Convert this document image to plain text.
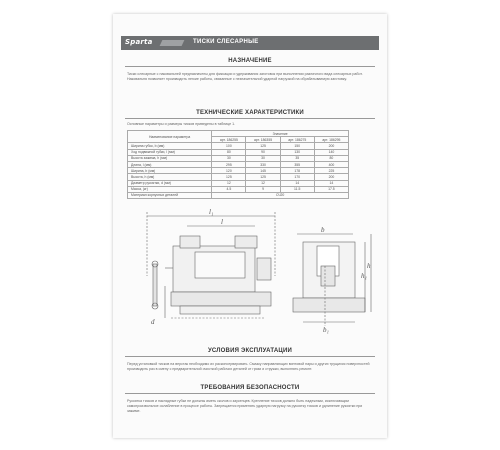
Sparta	ТИСКИ СЛЕСАРНЫЕ
НАЗНАЧЕНИЕ
Тиски слесарные с наковальней предназначены для фиксации и удерживания заготовок при выполнении различного вида слесарных работ. Наковальня позволяет производить легкие работы, связанные с незначительной ударной нагрузкой на обрабатываемую заготовку.
ТЕХНИЧЕСКИЕ ХАРАКТЕРИСТИКИ
Основные параметры и размеры тисков приведены в таблице 1.
Наименование параметра	Значение			
	арт. 186255	арт. 186355	арт. 186275	арт. 186295
Ширина губок, b (мм)	100	125	150	200
Ход подвижной губки, l (мм)	80	90	130	140
Высота зажима, h (мм)	30	30	35	80
Длина, l (мм)	295	330	355	400
Ширина, b (мм)	120	145	178	225
Высота, h (мм)	125	125	170	200
Диаметр рукоятки, d (мм)	12	12	14	14
Масса, (кг)	4.5	9	11.5	17.5
Материал корпусных деталей	СЧ20			
l₁
l
d
b
h₁
h
b₁
УСЛОВИЯ ЭКСПЛУАТАЦИИ
Перед установкой тисков на верстак необходимо их расконсервировать. Смазку направляющих винтовой пары и других трущихся поверхностей производить раз в смену с предварительной очисткой рабочих деталей от грязи и стружки, выполнять ремонт.
ТРЕБОВАНИЯ БЕЗОПАСНОСТИ
Рукоятка тисков и накладные губки не должны иметь сколов и заусенцев. Крепление тисков должно быть надежным, исключающим самопроизвольное ослабление в процессе работы. Запрещается применять ударную нагрузку на рукоятку тисков и удлинение рукоятки при зажиме.
